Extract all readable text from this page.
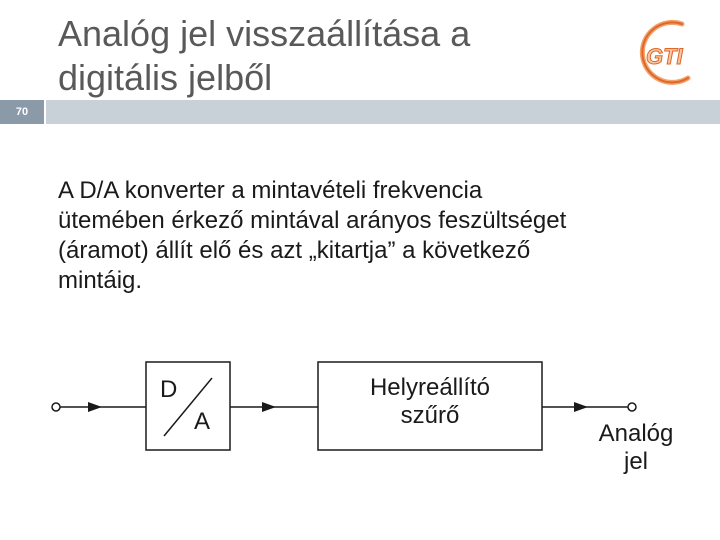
70
Analóg jel visszaállítása a
digitális jelből
GTI
A D/A konverter a mintavételi frekvencia
ütemében érkező mintával arányos feszültséget
(áramot) állít elő és azt „kitartja” a következő
mintáig.
D
A
Helyreállító
szűrő
Analóg
jel
